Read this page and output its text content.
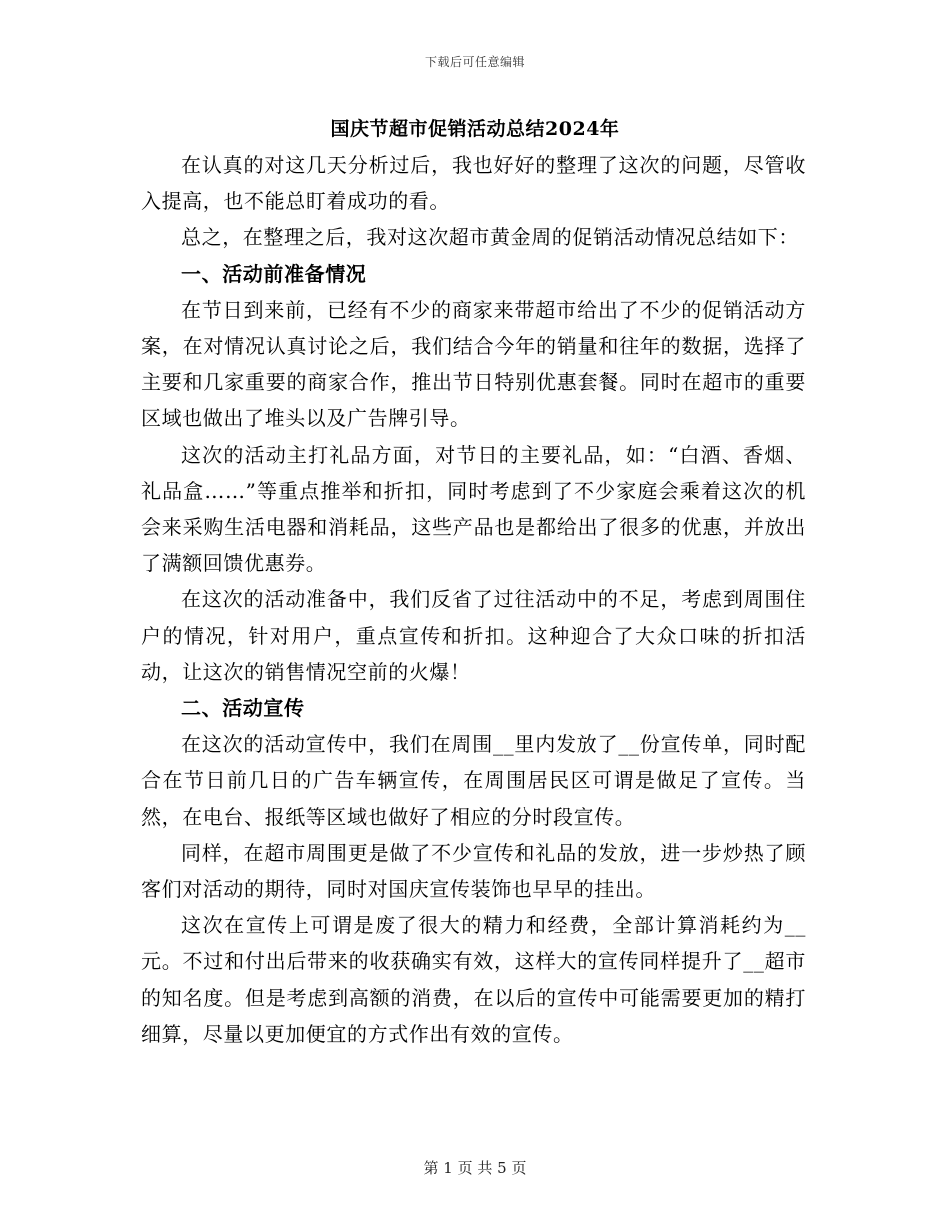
下载后可任意编辑
国庆节超市促销活动总结2024年

在认真的对这几天分析过后，我也好好的整理了这次的问题，尽管收入提高，也不能总盯着成功的看。

总之，在整理之后，我对这次超市黄金周的促销活动情况总结如下：

一、活动前准备情况

在节日到来前，已经有不少的商家来带超市给出了不少的促销活动方案，在对情况认真讨论之后，我们结合今年的销量和往年的数据，选择了主要和几家重要的商家合作，推出节日特别优惠套餐。同时在超市的重要区域也做出了堆头以及广告牌引导。

这次的活动主打礼品方面，对节日的主要礼品，如：“白酒、香烟、礼品盒……”等重点推举和折扣，同时考虑到了不少家庭会乘着这次的机会来采购生活电器和消耗品，这些产品也是都给出了很多的优惠，并放出了满额回馈优惠券。

在这次的活动准备中，我们反省了过往活动中的不足，考虑到周围住户的情况，针对用户，重点宣传和折扣。这种迎合了大众口味的折扣活动，让这次的销售情况空前的火爆！

二、活动宣传

在这次的活动宣传中，我们在周围__里内发放了__份宣传单，同时配合在节日前几日的广告车辆宣传，在周围居民区可谓是做足了宣传。当然，在电台、报纸等区域也做好了相应的分时段宣传。

同样，在超市周围更是做了不少宣传和礼品的发放，进一步炒热了顾客们对活动的期待，同时对国庆宣传装饰也早早的挂出。

这次在宣传上可谓是废了很大的精力和经费，全部计算消耗约为__元。不过和付出后带来的收获确实有效，这样大的宣传同样提升了__超市的知名度。但是考虑到高额的消费，在以后的宣传中可能需要更加的精打细算，尽量以更加便宜的方式作出有效的宣传。

第 1 页 共 5 页
